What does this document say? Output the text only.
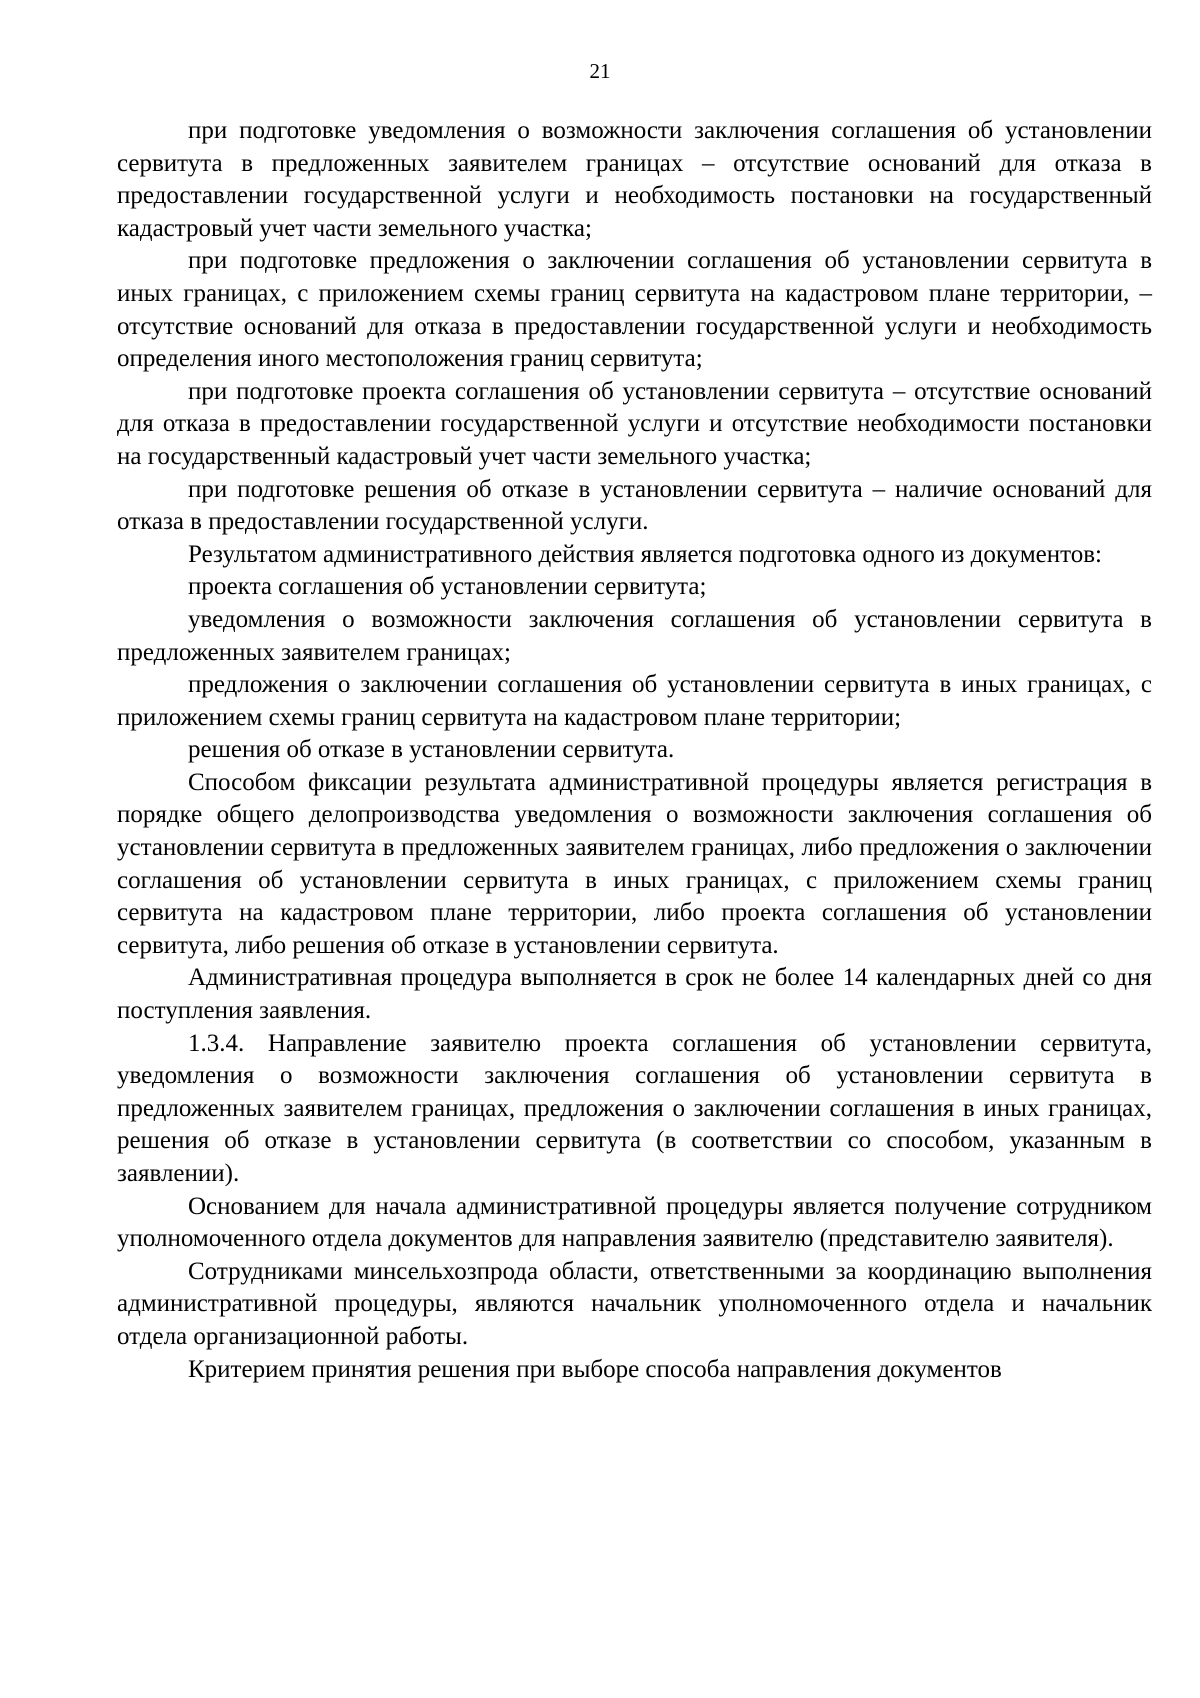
21

при подготовке уведомления о возможности заключения соглашения об установлении сервитута в предложенных заявителем границах – отсутствие оснований для отказа в предоставлении государственной услуги и необходимость постановки на государственный кадастровый учет части земельного участка;

при подготовке предложения о заключении соглашения об установлении сервитута в иных границах, с приложением схемы границ сервитута на кадастровом плане территории, – отсутствие оснований для отказа в предоставлении государственной услуги и необходимость определения иного местоположения границ сервитута;

при подготовке проекта соглашения об установлении сервитута – отсутствие оснований для отказа в предоставлении государственной услуги и отсутствие необходимости постановки на государственный кадастровый учет части земельного участка;

при подготовке решения об отказе в установлении сервитута – наличие оснований для отказа в предоставлении государственной услуги.

Результатом административного действия является подготовка одного из документов:

проекта соглашения об установлении сервитута;

уведомления о возможности заключения соглашения об установлении сервитута в предложенных заявителем границах;

предложения о заключении соглашения об установлении сервитута в иных границах, с приложением схемы границ сервитута на кадастровом плане территории;

решения об отказе в установлении сервитута.

Способом фиксации результата административной процедуры является регистрация в порядке общего делопроизводства уведомления о возможности заключения соглашения об установлении сервитута в предложенных заявителем границах, либо предложения о заключении соглашения об установлении сервитута в иных границах, с приложением схемы границ сервитута на кадастровом плане территории, либо проекта соглашения об установлении сервитута, либо решения об отказе в установлении сервитута.

Административная процедура выполняется в срок не более 14 календарных дней со дня поступления заявления.

1.3.4. Направление заявителю проекта соглашения об установлении сервитута, уведомления о возможности заключения соглашения об установлении сервитута в предложенных заявителем границах, предложения о заключении соглашения в иных границах, решения об отказе в установлении сервитута (в соответствии со способом, указанным в заявлении).

Основанием для начала административной процедуры является получение сотрудником уполномоченного отдела документов для направления заявителю (представителю заявителя).

Сотрудниками минсельхозпрода области, ответственными за координацию выполнения административной процедуры, являются начальник уполномоченного отдела и начальник отдела организационной работы.

Критерием принятия решения при выборе способа направления документов
